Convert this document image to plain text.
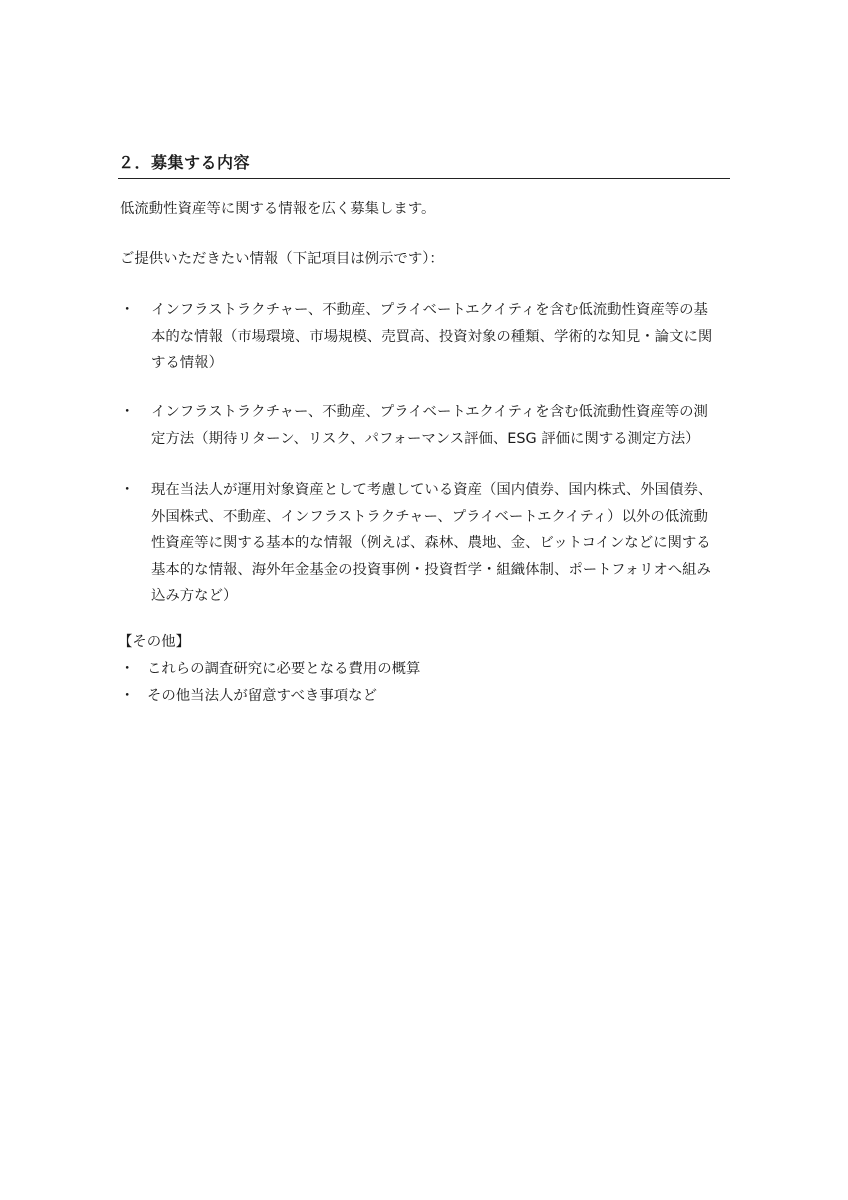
２．募集する内容
低流動性資産等に関する情報を広く募集します。
ご提供いただきたい情報（下記項目は例示です）：
・ インフラストラクチャー、不動産、プライベートエクイティを含む低流動性資産等の基
本的な情報（市場環境、市場規模、売買高、投資対象の種類、学術的な知見・論文に関
する情報）
・ インフラストラクチャー、不動産、プライベートエクイティを含む低流動性資産等の測
定方法（期待リターン、リスク、パフォーマンス評価、ESG 評価に関する測定方法）
・ 現在当法人が運用対象資産として考慮している資産（国内債券、国内株式、外国債券、
外国株式、不動産、インフラストラクチャー、プライベートエクイティ）以外の低流動
性資産等に関する基本的な情報（例えば、森林、農地、金、ビットコインなどに関する
基本的な情報、海外年金基金の投資事例・投資哲学・組織体制、ポートフォリオへ組み
込み方など）
【その他】
・ これらの調査研究に必要となる費用の概算
・ その他当法人が留意すべき事項など
